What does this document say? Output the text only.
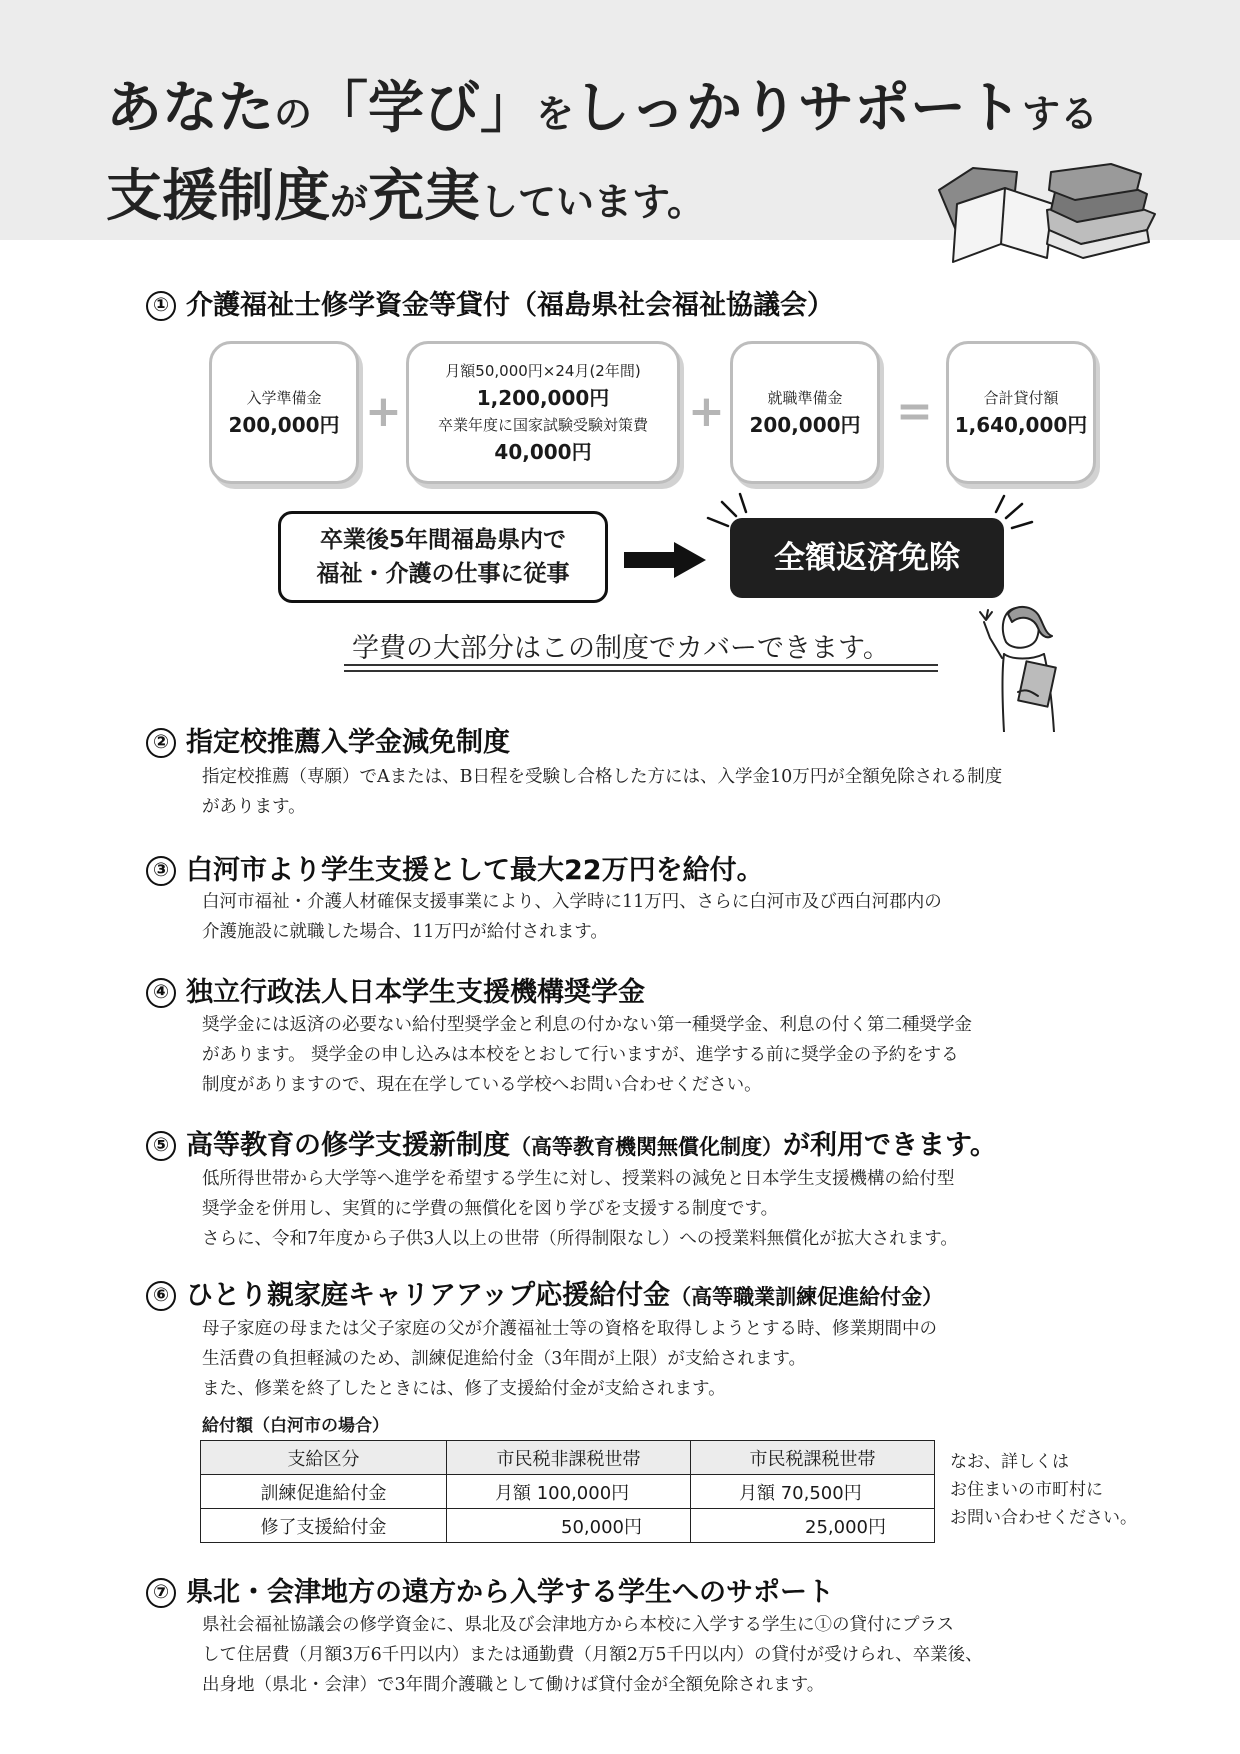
あなたの「学び」をしっかりサポートする
支援制度が充実しています。
① 介護福祉士修学資金等貸付（福島県社会福祉協議会）
入学準備金
200,000円 +
月額50,000円×24月(2年間)
1,200,000円
卒業年度に国家試験受験対策費
40,000円
+	就職準備金
200,000円 =	合計貸付額
1,640,000円
卒業後5年間福島県内で
福祉・介護の仕事に従事	全額返済免除
学費の大部分はこの制度でカバーできます。
② 指定校推薦入学金減免制度

指定校推薦（専願）でAまたは、B日程を受験し合格した方には、入学金10万円が全額免除される制度

があります。

③ 白河市より学生支援として最大22万円を給付。

白河市福祉・介護人材確保支援事業により、入学時に11万円、さらに白河市及び西白河郡内の

介護施設に就職した場合、11万円が給付されます。

④ 独立行政法人日本学生支援機構奨学金

奨学金には返済の必要ない給付型奨学金と利息の付かない第一種奨学金、利息の付く第二種奨学金

があります。 奨学金の申し込みは本校をとおして行いますが、進学する前に奨学金の予約をする

制度がありますので、現在在学している学校へお問い合わせください。

⑤ 高等教育の修学支援新制度（高等教育機関無償化制度）が利用できます。

低所得世帯から大学等へ進学を希望する学生に対し、授業料の減免と日本学生支援機構の給付型

奨学金を併用し、実質的に学費の無償化を図り学びを支援する制度です。

さらに、令和7年度から子供3人以上の世帯（所得制限なし）への授業料無償化が拡大されます。

⑥ ひとり親家庭キャリアアップ応援給付金（高等職業訓練促進給付金）

母子家庭の母または父子家庭の父が介護福祉士等の資格を取得しようとする時、修業期間中の

生活費の負担軽減のため、訓練促進給付金（3年間が上限）が支給されます。

また、修業を終了したときには、修了支援給付金が支給されます。

給付額（白河市の場合）
支給区分	市民税非課税世帯	市民税課税世帯
訓練促進給付金	月額 100,000円	月額 70,500円
修了支援給付金	50,000円	25,000円

なお、詳しくは

お住まいの市町村に

お問い合わせください。

⑦ 県北・会津地方の遠方から入学する学生へのサポート

県社会福祉協議会の修学資金に、県北及び会津地方から本校に入学する学生に①の貸付にプラス

して住居費（月額3万6千円以内）または通勤費（月額2万5千円以内）の貸付が受けられ、卒業後、

出身地（県北・会津）で3年間介護職として働けば貸付金が全額免除されます。
